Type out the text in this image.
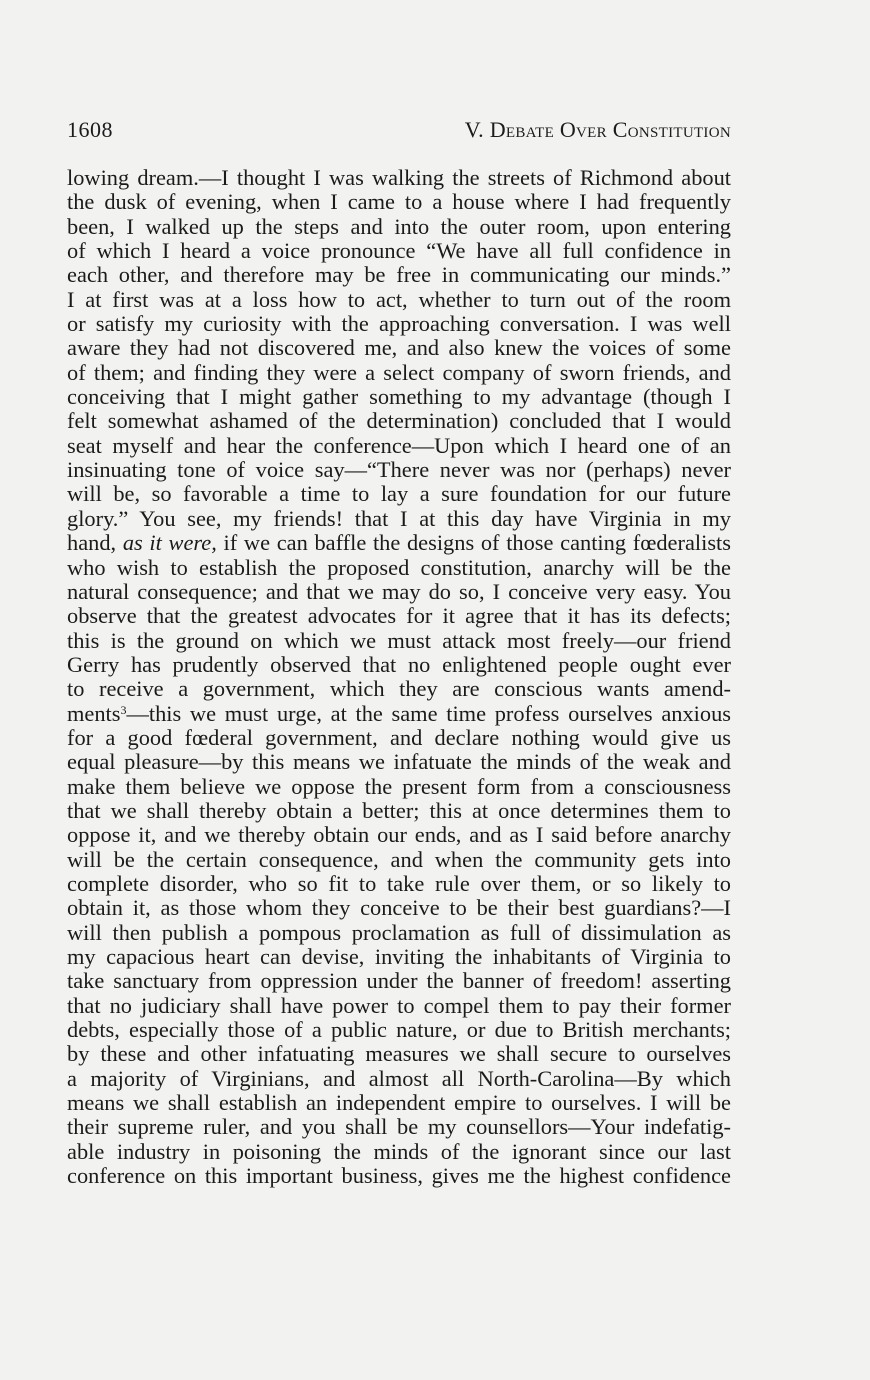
1608	V. Debate Over Constitution
lowing dream.—I thought I was walking the streets of Richmond about
the dusk of evening, when I came to a house where I had frequently
been, I walked up the steps and into the outer room, upon entering
of which I heard a voice pronounce “We have all full confidence in
each other, and therefore may be free in communicating our minds.”
I at first was at a loss how to act, whether to turn out of the room
or satisfy my curiosity with the approaching conversation. I was well
aware they had not discovered me, and also knew the voices of some
of them; and finding they were a select company of sworn friends, and
conceiving that I might gather something to my advantage (though I
felt somewhat ashamed of the determination) concluded that I would
seat myself and hear the conference—Upon which I heard one of an
insinuating tone of voice say—“There never was nor (perhaps) never
will be, so favorable a time to lay a sure foundation for our future
glory.” You see, my friends! that I at this day have Virginia in my
hand, as it were, if we can baffle the designs of those canting fœderalists
who wish to establish the proposed constitution, anarchy will be the
natural consequence; and that we may do so, I conceive very easy. You
observe that the greatest advocates for it agree that it has its defects;
this is the ground on which we must attack most freely—our friend
Gerry has prudently observed that no enlightened people ought ever
to receive a government, which they are conscious wants amend-
ments$^3$—this we must urge, at the same time profess ourselves anxious
for a good fœderal government, and declare nothing would give us
equal pleasure—by this means we infatuate the minds of the weak and
make them believe we oppose the present form from a consciousness
that we shall thereby obtain a better; this at once determines them to
oppose it, and we thereby obtain our ends, and as I said before anarchy
will be the certain consequence, and when the community gets into
complete disorder, who so fit to take rule over them, or so likely to
obtain it, as those whom they conceive to be their best guardians?—I
will then publish a pompous proclamation as full of dissimulation as
my capacious heart can devise, inviting the inhabitants of Virginia to
take sanctuary from oppression under the banner of freedom! asserting
that no judiciary shall have power to compel them to pay their former
debts, especially those of a public nature, or due to British merchants;
by these and other infatuating measures we shall secure to ourselves
a majority of Virginians, and almost all North-Carolina—By which
means we shall establish an independent empire to ourselves. I will be
their supreme ruler, and you shall be my counsellors—Your indefatig-
able industry in poisoning the minds of the ignorant since our last
conference on this important business, gives me the highest confidence
